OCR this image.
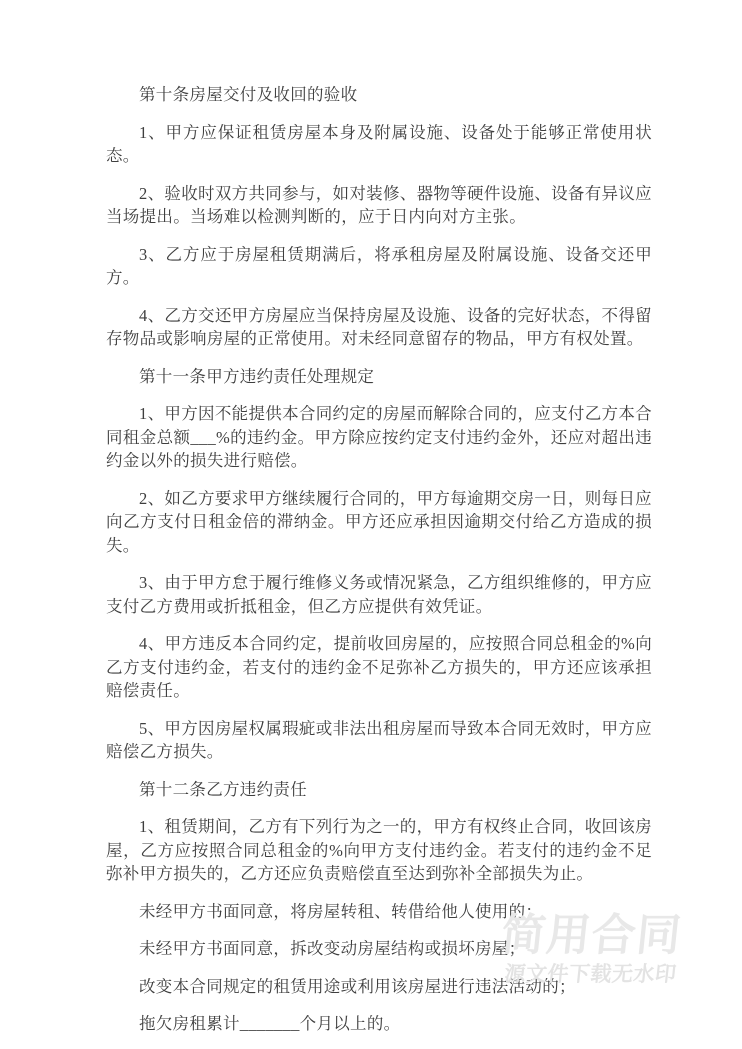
第十条房屋交付及收回的验收

1、甲方应保证租赁房屋本身及附属设施、设备处于能够正常使用状态。

2、验收时双方共同参与，如对装修、器物等硬件设施、设备有异议应当场提出。当场难以检测判断的，应于日内向对方主张。

3、乙方应于房屋租赁期满后，将承租房屋及附属设施、设备交还甲方。

4、乙方交还甲方房屋应当保持房屋及设施、设备的完好状态，不得留存物品或影响房屋的正常使用。对未经同意留存的物品，甲方有权处置。

第十一条甲方违约责任处理规定

1、甲方因不能提供本合同约定的房屋而解除合同的，应支付乙方本合同租金总额___%的违约金。甲方除应按约定支付违约金外，还应对超出违约金以外的损失进行赔偿。

2、如乙方要求甲方继续履行合同的，甲方每逾期交房一日，则每日应向乙方支付日租金倍的滞纳金。甲方还应承担因逾期交付给乙方造成的损失。

3、由于甲方怠于履行维修义务或情况紧急，乙方组织维修的，甲方应支付乙方费用或折抵租金，但乙方应提供有效凭证。

4、甲方违反本合同约定，提前收回房屋的，应按照合同总租金的%向乙方支付违约金，若支付的违约金不足弥补乙方损失的，甲方还应该承担赔偿责任。

5、甲方因房屋权属瑕疵或非法出租房屋而导致本合同无效时，甲方应赔偿乙方损失。

第十二条乙方违约责任

1、租赁期间，乙方有下列行为之一的，甲方有权终止合同，收回该房屋，乙方应按照合同总租金的%向甲方支付违约金。若支付的违约金不足弥补甲方损失的，乙方还应负责赔偿直至达到弥补全部损失为止。

未经甲方书面同意，将房屋转租、转借给他人使用的；

未经甲方书面同意，拆改变动房屋结构或损坏房屋；

改变本合同规定的租赁用途或利用该房屋进行违法活动的；

拖欠房租累计_______个月以上的。

简用合同
源文件下载无水印
